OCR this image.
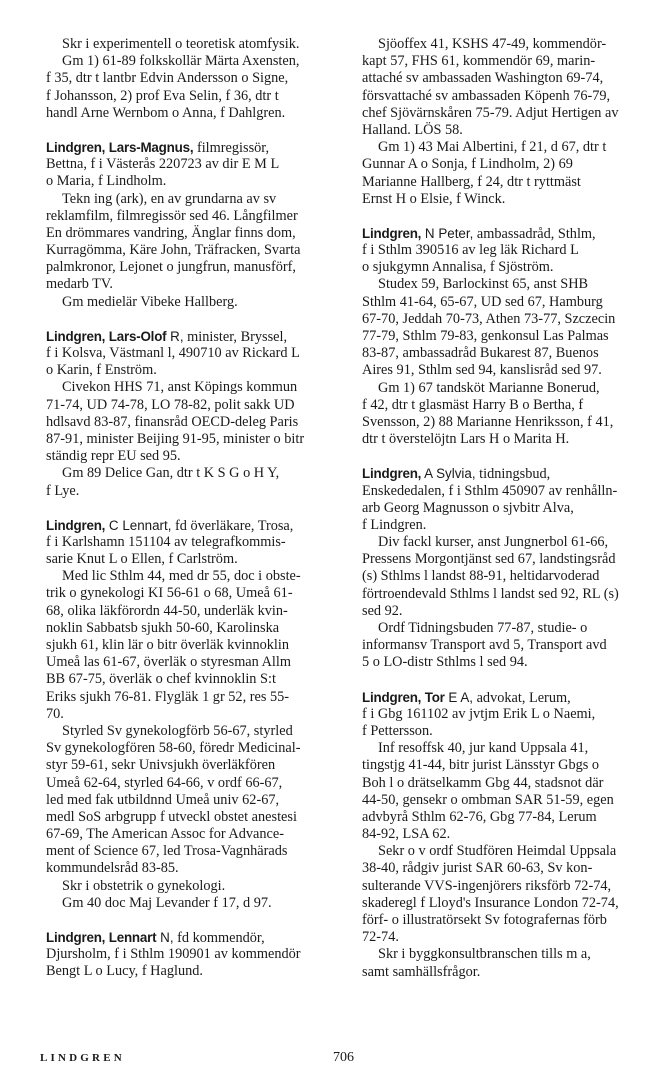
Skr i experimentell o teoretisk atomfysik.
Gm 1) 61-89 folkskollär Märta Axensten,
f 35, dtr t lantbr Edvin Andersson o Signe,
f Johansson, 2) prof Eva Selin, f 36, dtr t
handl Arne Wernbom o Anna, f Dahlgren.
Lindgren, Lars-Magnus, filmregissör,
Bettna, f i Västerås 220723 av dir E M L
o Maria, f Lindholm.
Tekn ing (ark), en av grundarna av sv
reklamfilm, filmregissör sed 46. Långfilmer
En drömmares vandring, Änglar finns dom,
Kurragömma, Käre John, Träfracken, Svarta
palmkronor, Lejonet o jungfrun, manusförf,
medarb TV.
Gm medielär Vibeke Hallberg.
Lindgren, Lars-Olof R, minister, Bryssel,
f i Kolsva, Västmanl l, 490710 av Rickard L
o Karin, f Enström.
Civekon HHS 71, anst Köpings kommun
71-74, UD 74-78, LO 78-82, polit sakk UD
hdlsavd 83-87, finansråd OECD-deleg Paris
87-91, minister Beijing 91-95, minister o bitr
ständig repr EU sed 95.
Gm 89 Delice Gan, dtr t K S G o H Y,
f Lye.
Lindgren, C Lennart, fd överläkare, Trosa,
f i Karlshamn 151104 av telegrafkommis-
sarie Knut L o Ellen, f Carlström.
Med lic Sthlm 44, med dr 55, doc i obste-
trik o gynekologi KI 56-61 o 68, Umeå 61-
68, olika läkförordn 44-50, underläk kvin-
noklin Sabbatsb sjukh 50-60, Karolinska
sjukh 61, klin lär o bitr överläk kvinnoklin
Umeå las 61-67, överläk o styresman Allm
BB 67-75, överläk o chef kvinnoklin S:t
Eriks sjukh 76-81. Flygläk 1 gr 52, res 55-
70.
Styrled Sv gynekologförb 56-67, styrled
Sv gynekologfören 58-60, föredr Medicinal-
styr 59-61, sekr Univsjukh överläkfören
Umeå 62-64, styrled 64-66, v ordf 66-67,
led med fak utbildnnd Umeå univ 62-67,
medl SoS arbgrupp f utveckl obstet anestesi
67-69, The American Assoc for Advance-
ment of Science 67, led Trosa-Vagnhärads
kommundelsråd 83-85.
Skr i obstetrik o gynekologi.
Gm 40 doc Maj Levander f 17, d 97.
Lindgren, Lennart N, fd kommendör,
Djursholm, f i Sthlm 190901 av kommendör
Bengt L o Lucy, f Haglund.
Sjöoffex 41, KSHS 47-49, kommendör-
kapt 57, FHS 61, kommendör 69, marin-
attaché sv ambassaden Washington 69-74,
försvattaché sv ambassaden Köpenh 76-79,
chef Sjövärnskåren 75-79. Adjut Hertigen av
Halland. LÖS 58.
Gm 1) 43 Mai Albertini, f 21, d 67, dtr t
Gunnar A o Sonja, f Lindholm, 2) 69
Marianne Hallberg, f 24, dtr t ryttmäst
Ernst H o Elsie, f Winck.
Lindgren, N Peter, ambassadråd, Sthlm,
f i Sthlm 390516 av leg läk Richard L
o sjukgymn Annalisa, f Sjöström.
Studex 59, Barlockinst 65, anst SHB
Sthlm 41-64, 65-67, UD sed 67, Hamburg
67-70, Jeddah 70-73, Athen 73-77, Szczecin
77-79, Sthlm 79-83, genkonsul Las Palmas
83-87, ambassadråd Bukarest 87, Buenos
Aires 91, Sthlm sed 94, kanslisråd sed 97.
Gm 1) 67 tandsköt Marianne Bonerud,
f 42, dtr t glasmäst Harry B o Bertha, f
Svensson, 2) 88 Marianne Henriksson, f 41,
dtr t överstelöjtn Lars H o Marita H.
Lindgren, A Sylvia, tidningsbud,
Enskededalen, f i Sthlm 450907 av renhålln-
arb Georg Magnusson o sjvbitr Alva,
f Lindgren.
Div fackl kurser, anst Jungnerbol 61-66,
Pressens Morgontjänst sed 67, landstingsråd
(s) Sthlms l landst 88-91, heltidarvoderad
förtroendevald Sthlms l landst sed 92, RL (s)
sed 92.
Ordf Tidningsbuden 77-87, studie- o
informansv Transport avd 5, Transport avd
5 o LO-distr Sthlms l sed 94.
Lindgren, Tor E A, advokat, Lerum,
f i Gbg 161102 av jvtjm Erik L o Naemi,
f Pettersson.
Inf resoffsk 40, jur kand Uppsala 41,
tingstjg 41-44, bitr jurist Länsstyr Gbgs o
Boh l o drätselkamm Gbg 44, stadsnot där
44-50, gensekr o ombman SAR 51-59, egen
advbyrå Sthlm 62-76, Gbg 77-84, Lerum
84-92, LSA 62.
Sekr o v ordf Studfören Heimdal Uppsala
38-40, rådgiv jurist SAR 60-63, Sv kon-
sulterande VVS-ingenjörers riksförb 72-74,
skaderegl f Lloyd's Insurance London 72-74,
förf- o illustratörsekt Sv fotografernas förb
72-74.
Skr i byggkonsultbranschen tills m a,
samt samhällsfrågor.
LINDGREN	706
